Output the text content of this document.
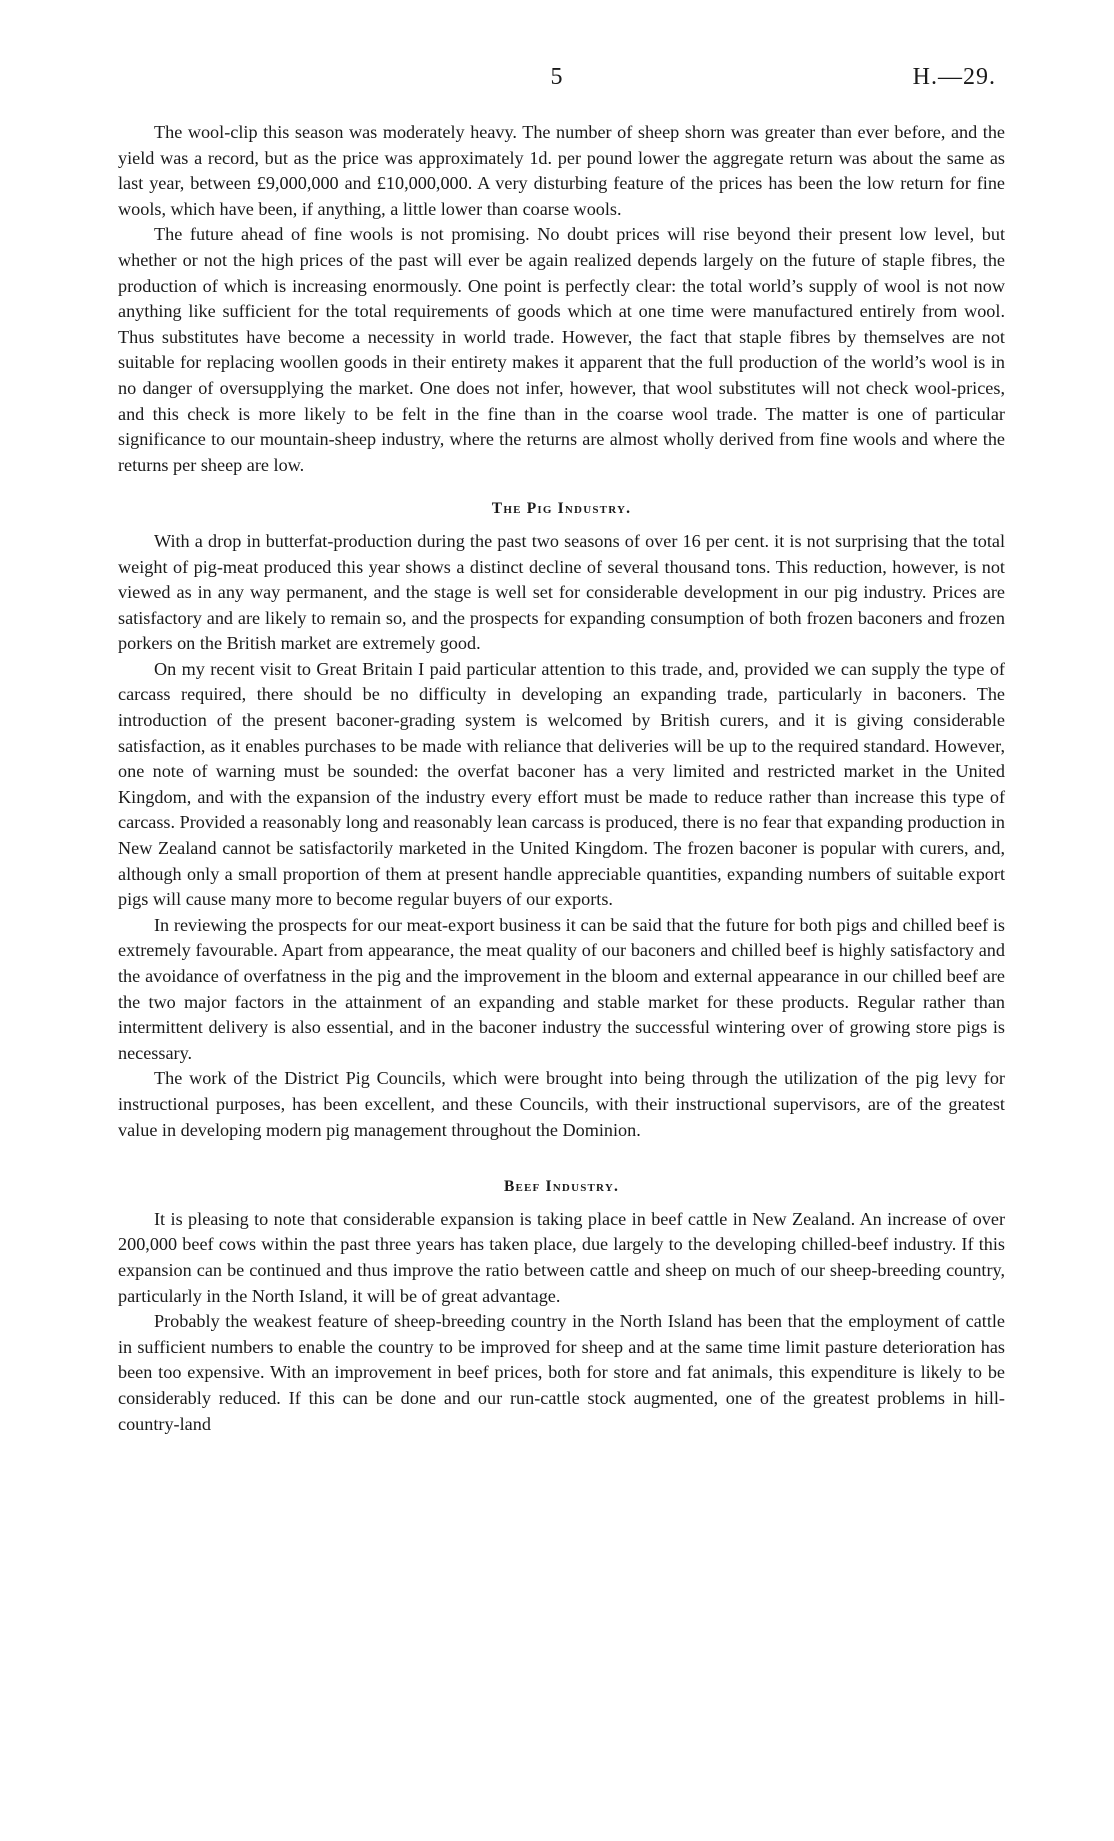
5	H.—29.

The wool-clip this season was moderately heavy. The number of sheep shorn was greater than ever before, and the yield was a record, but as the price was approximately 1d. per pound lower the aggregate return was about the same as last year, between £9,000,000 and £10,000,000. A very disturbing feature of the prices has been the low return for fine wools, which have been, if anything, a little lower than coarse wools.

The future ahead of fine wools is not promising. No doubt prices will rise beyond their present low level, but whether or not the high prices of the past will ever be again realized depends largely on the future of staple fibres, the production of which is increasing enormously. One point is perfectly clear: the total world’s supply of wool is not now anything like sufficient for the total requirements of goods which at one time were manufactured entirely from wool. Thus substitutes have become a necessity in world trade. However, the fact that staple fibres by themselves are not suitable for replacing woollen goods in their entirety makes it apparent that the full production of the world’s wool is in no danger of oversupplying the market. One does not infer, however, that wool substitutes will not check wool-prices, and this check is more likely to be felt in the fine than in the coarse wool trade. The matter is one of particular significance to our mountain-sheep industry, where the returns are almost wholly derived from fine wools and where the returns per sheep are low.

The Pig Industry.

With a drop in butterfat-production during the past two seasons of over 16 per cent. it is not surprising that the total weight of pig-meat produced this year shows a distinct decline of several thousand tons. This reduction, however, is not viewed as in any way permanent, and the stage is well set for considerable development in our pig industry. Prices are satisfactory and are likely to remain so, and the prospects for expanding consumption of both frozen baconers and frozen porkers on the British market are extremely good.

On my recent visit to Great Britain I paid particular attention to this trade, and, provided we can supply the type of carcass required, there should be no difficulty in developing an expanding trade, particularly in baconers. The introduction of the present baconer-grading system is welcomed by British curers, and it is giving considerable satisfaction, as it enables purchases to be made with reliance that deliveries will be up to the required standard. However, one note of warning must be sounded: the overfat baconer has a very limited and restricted market in the United Kingdom, and with the expansion of the industry every effort must be made to reduce rather than increase this type of carcass. Provided a reasonably long and reasonably lean carcass is produced, there is no fear that expanding production in New Zealand cannot be satisfactorily marketed in the United Kingdom. The frozen baconer is popular with curers, and, although only a small proportion of them at present handle appreciable quantities, expanding numbers of suitable export pigs will cause many more to become regular buyers of our exports.

In reviewing the prospects for our meat-export business it can be said that the future for both pigs and chilled beef is extremely favourable. Apart from appearance, the meat quality of our baconers and chilled beef is highly satisfactory and the avoidance of overfatness in the pig and the improvement in the bloom and external appearance in our chilled beef are the two major factors in the attainment of an expanding and stable market for these products. Regular rather than intermittent delivery is also essential, and in the baconer industry the successful wintering over of growing store pigs is necessary.

The work of the District Pig Councils, which were brought into being through the utilization of the pig levy for instructional purposes, has been excellent, and these Councils, with their instructional supervisors, are of the greatest value in developing modern pig management throughout the Dominion.

Beef Industry.

It is pleasing to note that considerable expansion is taking place in beef cattle in New Zealand. An increase of over 200,000 beef cows within the past three years has taken place, due largely to the developing chilled-beef industry. If this expansion can be continued and thus improve the ratio between cattle and sheep on much of our sheep-breeding country, particularly in the North Island, it will be of great advantage.

Probably the weakest feature of sheep-breeding country in the North Island has been that the employment of cattle in sufficient numbers to enable the country to be improved for sheep and at the same time limit pasture deterioration has been too expensive. With an improvement in beef prices, both for store and fat animals, this expenditure is likely to be considerably reduced. If this can be done and our run-cattle stock augmented, one of the greatest problems in hill-country-land
